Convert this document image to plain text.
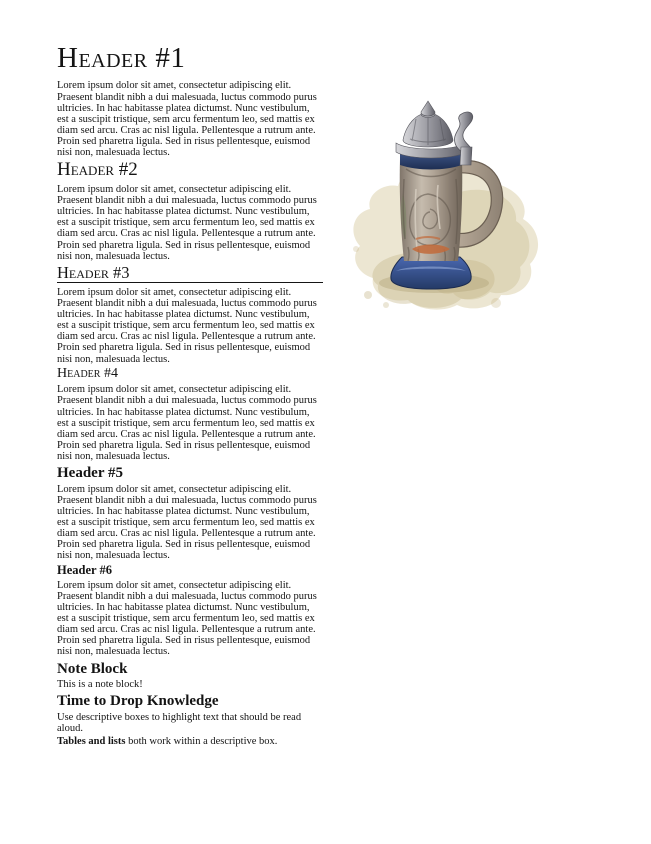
Header #1

Lorem ipsum dolor sit amet, consectetur adipiscing elit. Praesent blandit nibh a dui malesuada, luctus commodo purus ultricies. In hac habitasse platea dictumst. Nunc vestibulum, est a suscipit tristique, sem arcu fermentum leo, sed mattis ex diam sed arcu. Cras ac nisl ligula. Pellentesque a rutrum ante. Proin sed pharetra ligula. Sed in risus pellentesque, euismod nisi non, malesuada lectus.

Header #2

Lorem ipsum dolor sit amet, consectetur adipiscing elit. Praesent blandit nibh a dui malesuada, luctus commodo purus ultricies. In hac habitasse platea dictumst. Nunc vestibulum, est a suscipit tristique, sem arcu fermentum leo, sed mattis ex diam sed arcu. Cras ac nisl ligula. Pellentesque a rutrum ante. Proin sed pharetra ligula. Sed in risus pellentesque, euismod nisi non, malesuada lectus.

Header #3

Lorem ipsum dolor sit amet, consectetur adipiscing elit. Praesent blandit nibh a dui malesuada, luctus commodo purus ultricies. In hac habitasse platea dictumst. Nunc vestibulum, est a suscipit tristique, sem arcu fermentum leo, sed mattis ex diam sed arcu. Cras ac nisl ligula. Pellentesque a rutrum ante. Proin sed pharetra ligula. Sed in risus pellentesque, euismod nisi non, malesuada lectus.

Header #4

Lorem ipsum dolor sit amet, consectetur adipiscing elit. Praesent blandit nibh a dui malesuada, luctus commodo purus ultricies. In hac habitasse platea dictumst. Nunc vestibulum, est a suscipit tristique, sem arcu fermentum leo, sed mattis ex diam sed arcu. Cras ac nisl ligula. Pellentesque a rutrum ante. Proin sed pharetra ligula. Sed in risus pellentesque, euismod nisi non, malesuada lectus.

Header #5

Lorem ipsum dolor sit amet, consectetur adipiscing elit. Praesent blandit nibh a dui malesuada, luctus commodo purus ultricies. In hac habitasse platea dictumst. Nunc vestibulum, est a suscipit tristique, sem arcu fermentum leo, sed mattis ex diam sed arcu. Cras ac nisl ligula. Pellentesque a rutrum ante. Proin sed pharetra ligula. Sed in risus pellentesque, euismod nisi non, malesuada lectus.

Header #6

Lorem ipsum dolor sit amet, consectetur adipiscing elit. Praesent blandit nibh a dui malesuada, luctus commodo purus ultricies. In hac habitasse platea dictumst. Nunc vestibulum, est a suscipit tristique, sem arcu fermentum leo, sed mattis ex diam sed arcu. Cras ac nisl ligula. Pellentesque a rutrum ante. Proin sed pharetra ligula. Sed in risus pellentesque, euismod nisi non, malesuada lectus.

Note Block

This is a note block!

Time to Drop Knowledge

Use descriptive boxes to highlight text that should be read aloud.

Tables and lists both work within a descriptive box.
